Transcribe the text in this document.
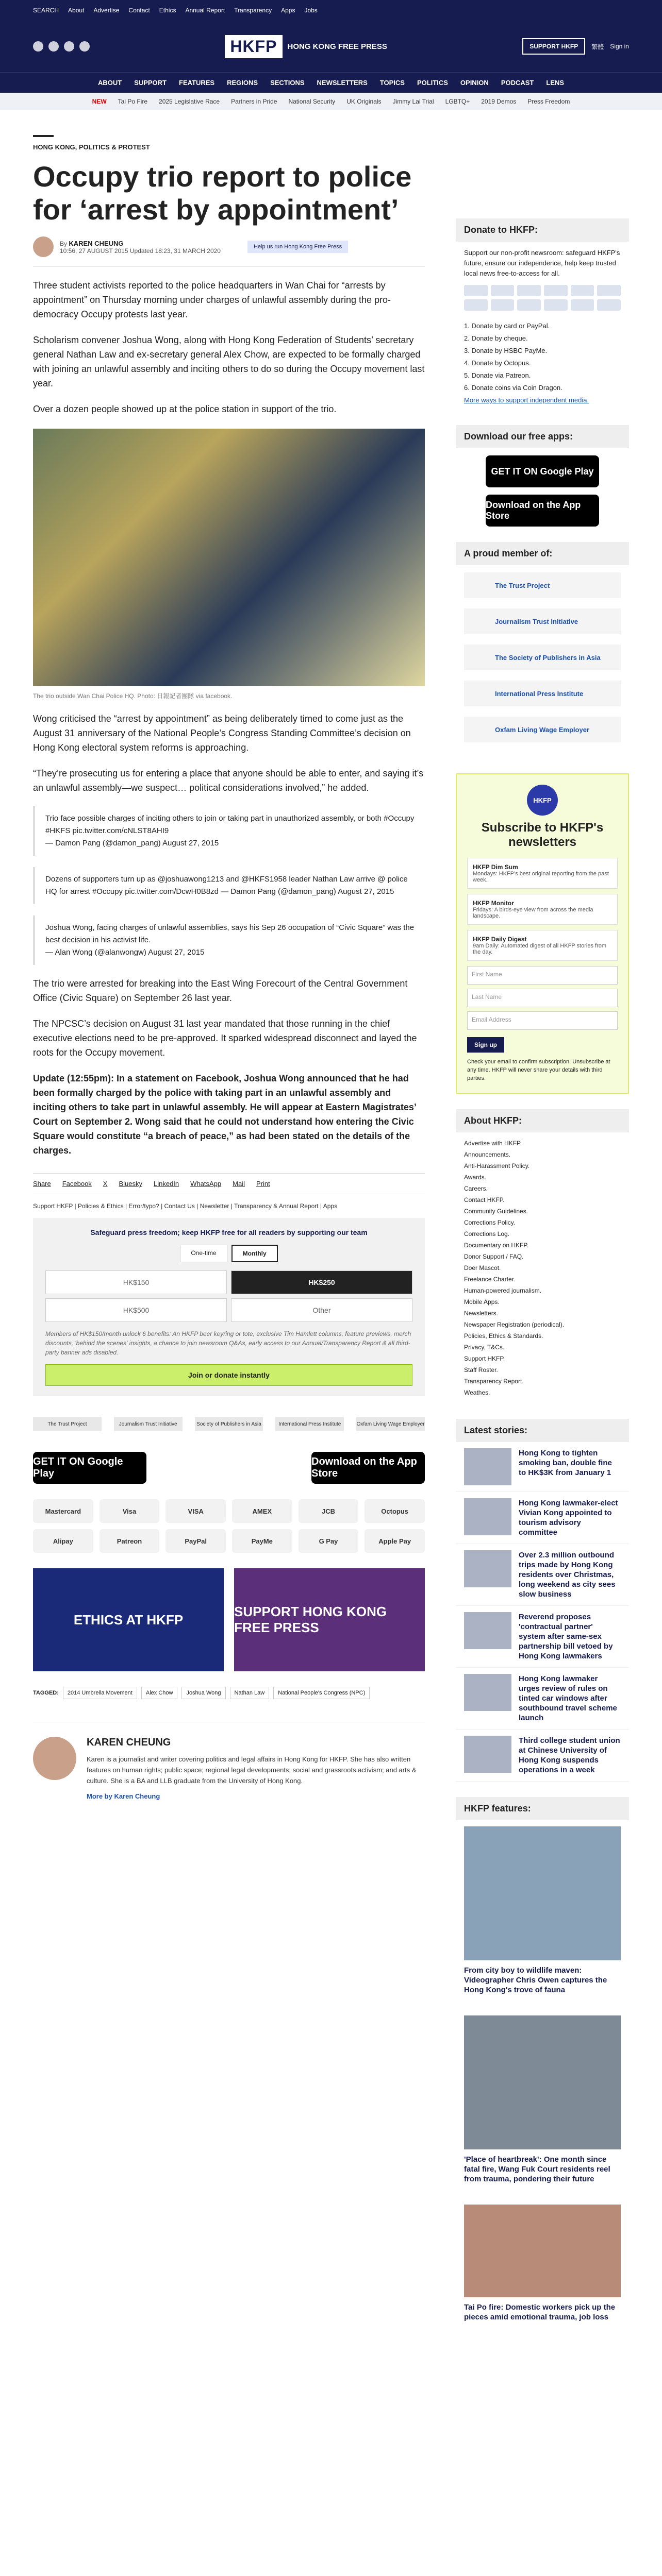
SEARCH About Advertise Contact Ethics Annual Report Transparency Apps Jobs
HKFP	HONG KONG FREE PRESS	SUPPORT HKFP	繁體 Sign in
ABOUT SUPPORT FEATURES REGIONS SECTIONS NEWSLETTERS TOPICS POLITICS OPINION PODCAST LENS
NEW Tai Po Fire 2025 Legislative Race Partners in Pride National Security UK Originals Jimmy Lai Trial LGBTQ+ 2019 Demos Press Freedom
HONG KONG, POLITICS & PROTEST
Occupy trio report to police for ‘arrest by appointment’
By KAREN CHEUNG
10:56, 27 AUGUST 2015 Updated 18:23, 31 MARCH 2020
Help us run Hong Kong Free Press

Three student activists reported to the police headquarters in Wan Chai for “arrests by appointment” on Thursday morning under charges of unlawful assembly during the pro-democracy Occupy protests last year.

Scholarism convener Joshua Wong, along with Hong Kong Federation of Students’ secretary general Nathan Law and ex-secretary general Alex Chow, are expected to be formally charged with joining an unlawful assembly and inciting others to do so during the Occupy movement last year.

Over a dozen people showed up at the police station in support of the trio.

The trio outside Wan Chai Police HQ. Photo: 日報記者團隊 via facebook.

Wong criticised the “arrest by appointment” as being deliberately timed to come just as the August 31 anniversary of the National People’s Congress Standing Committee’s decision on Hong Kong electoral system reforms is approaching.

“They’re prosecuting us for entering a place that anyone should be able to enter, and saying it’s an unlawful assembly—we suspect… political considerations involved,” he added.

Trio face possible charges of inciting others to join or taking part in unauthorized assembly, or both #Occupy #HKFS pic.twitter.com/cNLST8AHI9
— Damon Pang (@damon_pang) August 27, 2015
Dozens of supporters turn up as @joshuawong1213 and @HKFS1958 leader Nathan Law arrive @ police HQ for arrest #Occupy pic.twitter.com/DcwH0B8zd — Damon Pang (@damon_pang) August 27, 2015
Joshua Wong, facing charges of unlawful assemblies, says his Sep 26 occupation of “Civic Square” was the best decision in his activist life.
— Alan Wong (@alanwongw) August 27, 2015

The trio were arrested for breaking into the East Wing Forecourt of the Central Government Office (Civic Square) on September 26 last year.

The NPCSC’s decision on August 31 last year mandated that those running in the chief executive elections need to be pre-approved. It sparked widespread disconnect and layed the roots for the Occupy movement.

Update (12:55pm): In a statement on Facebook, Joshua Wong announced that he had been formally charged by the police with taking part in an unlawful assembly and inciting others to take part in unlawful assembly. He will appear at Eastern Magistrates’ Court on September 2. Wong said that he could not understand how entering the Civic Square would constitute “a breach of peace,” as had been stated on the details of the charges.

Share Facebook X Bluesky LinkedIn WhatsApp Mail Print
Support HKFP | Policies & Ethics | Error/typo? | Contact Us | Newsletter | Transparency & Annual Report | Apps
Safeguard press freedom; keep HKFP free for all readers by supporting our team
One-time	Monthly
HK$150	HK$250
HK$500	Other
Members of HK$150/month unlock 6 benefits: An HKFP beer keyring or tote, exclusive Tim Hamlett columns, feature previews, merch discounts, 'behind the scenes' insights, a chance to join newsroom Q&As, early access to our Annual/Transparency Report & all third-party banner ads disabled.
Join or donate instantly
The Trust Project	Journalism Trust Initiative	Society of Publishers in Asia	International Press Institute	Oxfam Living Wage Employer
GET IT ON Google Play
Download on the App Store
Mastercard	Visa	VISA	AMEX	JCB	Octopus
Alipay	Patreon	PayPal	PayMe	G Pay	Apple Pay
ETHICS AT HKFP
SUPPORT HONG KONG FREE PRESS
TAGGED:	2014 Umbrella Movement	Alex Chow	Joshua Wong	Nathan Law	National People's Congress (NPC)
KAREN CHEUNG

Karen is a journalist and writer covering politics and legal affairs in Hong Kong for HKFP. She has also written features on human rights; public space; regional legal developments; social and grassroots activism; and arts & culture. She is a BA and LLB graduate from the University of Hong Kong.

More by Karen Cheung
Donate to HKFP:
Support our non-profit newsroom: safeguard HKFP's future, ensure our independence, help keep trusted local news free-to-access for all.
1. Donate by card or PayPal.
2. Donate by cheque.
3. Donate by HSBC PayMe.
4. Donate by Octopus.
5. Donate via Patreon.
6. Donate coins via Coin Dragon.
More ways to support independent media.
Download our free apps:
GET IT ON Google Play
Download on the App Store
A proud member of:
The Trust Project
Journalism Trust Initiative
The Society of Publishers in Asia
International Press Institute
Oxfam Living Wage Employer
HKFP
Subscribe to HKFP's newsletters
HKFP Dim Sum
Mondays: HKFP's best original reporting from the past week.
HKFP Monitor
Fridays: A birds-eye view from across the media landscape.
HKFP Daily Digest
9am Daily: Automated digest of all HKFP stories from the day.
First Name
Last Name
Email Address
Sign up
Check your email to confirm subscription. Unsubscribe at any time. HKFP will never share your details with third parties.
About HKFP:
Advertise with HKFP.
Announcements.
Anti-Harassment Policy.
Awards.
Careers.
Contact HKFP.
Community Guidelines.
Corrections Policy.
Corrections Log.
Documentary on HKFP.
Donor Support / FAQ.
Doer Mascot.
Freelance Charter.
Human-powered journalism.
Mobile Apps.
Newsletters.
Newspaper Registration (periodical).
Policies, Ethics & Standards.
Privacy, T&Cs.
Support HKFP.
Staff Roster.
Transparency Report.
Weathes.
Latest stories:
Hong Kong to tighten smoking ban, double fine to HK$3K from January 1
Hong Kong lawmaker-elect Vivian Kong appointed to tourism advisory committee
Over 2.3 million outbound trips made by Hong Kong residents over Christmas, long weekend as city sees slow business
Reverend proposes 'contractual partner' system after same-sex partnership bill vetoed by Hong Kong lawmakers
Hong Kong lawmaker urges review of rules on tinted car windows after southbound travel scheme launch
Third college student union at Chinese University of Hong Kong suspends operations in a week
HKFP features:
From city boy to wildlife maven: Videographer Chris Owen captures the Hong Kong's trove of fauna
'Place of heartbreak': One month since fatal fire, Wang Fuk Court residents reel from trauma, pondering their future
Tai Po fire: Domestic workers pick up the pieces amid emotional trauma, job loss
